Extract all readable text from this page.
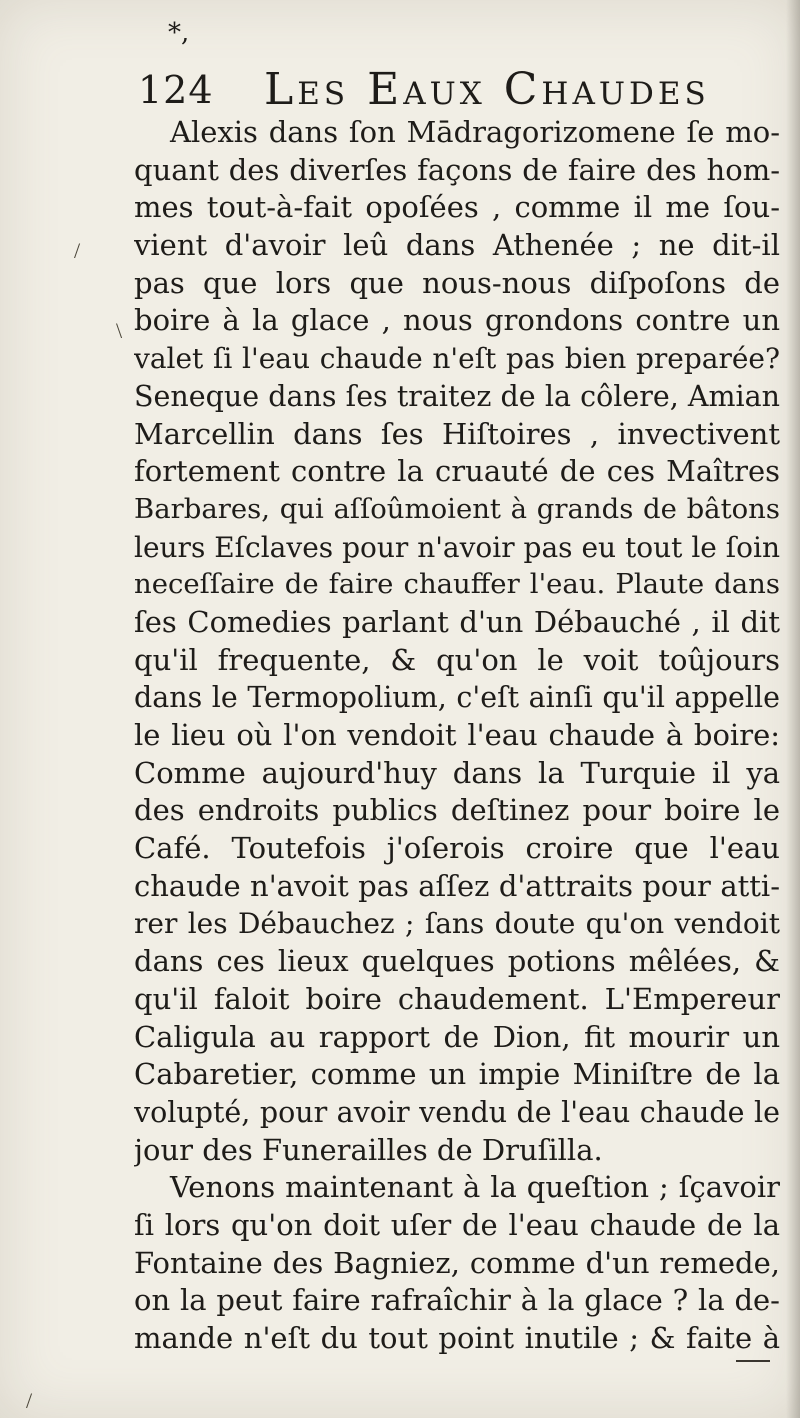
*,
/
\
/
124 Les Eaux Chaudes
Alexis dans ſon Mādragorizomene ſe mo-
quant des diverſes façons de faire des hom-
mes tout-à-fait opoſées , comme il me ſou-
vient d'avoir leû dans Athenée ; ne dit-il
pas que lors que nous-nous diſpoſons de
boire à la glace , nous grondons contre un
valet ſi l'eau chaude n'eſt pas bien preparée?
Seneque dans ſes traitez de la côlere, Amian
Marcellin dans ſes Hiſtoires , invectivent
fortement contre la cruauté de ces Maîtres
Barbares, qui aſſoûmoient à grands de bâtons
leurs Eſclaves pour n'avoir pas eu tout le ſoin
neceſſaire de faire chauffer l'eau. Plaute dans
ſes Comedies parlant d'un Débauché , il dit
qu'il frequente, & qu'on le voit toûjours
dans le Termopolium, c'eſt ainſi qu'il appelle
le lieu où l'on vendoit l'eau chaude à boire:
Comme aujourd'huy dans la Turquie il ya
des endroits publics deſtinez pour boire le
Café. Toutefois j'oſerois croire que l'eau
chaude n'avoit pas aſſez d'attraits pour atti-
rer les Débauchez ; ſans doute qu'on vendoit
dans ces lieux quelques potions mêlées, &
qu'il faloit boire chaudement. L'Empereur
Caligula au rapport de Dion, fit mourir un
Cabaretier, comme un impie Miniſtre de la
volupté, pour avoir vendu de l'eau chaude le
jour des Funerailles de Druſilla.
Venons maintenant à la queſtion ; ſçavoir
ſi lors qu'on doit uſer de l'eau chaude de la
Fontaine des Bagniez, comme d'un remede,
on la peut faire rafraîchir à la glace ? la de-
mande n'eſt du tout point inutile ; & faite à
